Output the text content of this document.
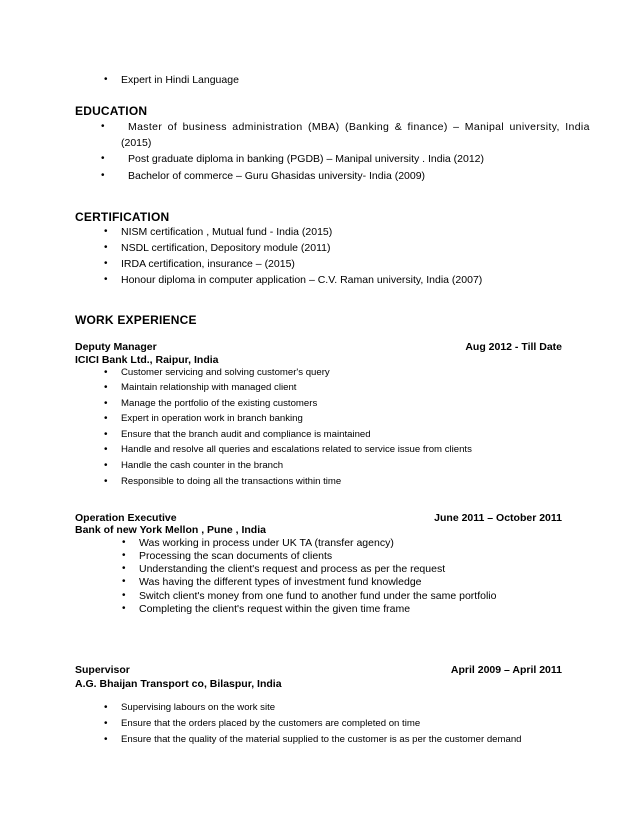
• Expert in Hindi Language
EDUCATION
• Master of business administration (MBA) (Banking & finance) – Manipal university, India
(2015)
• Post graduate diploma in banking (PGDB) – Manipal university . India (2012)
• Bachelor of commerce – Guru Ghasidas university- India (2009)
CERTIFICATION
• NISM certification , Mutual fund - India (2015)
• NSDL certification, Depository module (2011)
• IRDA certification, insurance – (2015)
• Honour diploma in computer application – C.V. Raman university, India (2007)
WORK EXPERIENCE
Deputy Manager	Aug 2012 - Till Date
ICICI Bank Ltd., Raipur, India
• Customer servicing and solving customer's query
• Maintain relationship with managed client
• Manage the portfolio of the existing customers
• Expert in operation work in branch banking
• Ensure that the branch audit and compliance is maintained
• Handle and resolve all queries and escalations related to service issue from clients
• Handle the cash counter in the branch
• Responsible to doing all the transactions within time
Operation Executive	June 2011 – October 2011
Bank of new York Mellon , Pune , India
• Was working in process under UK TA (transfer agency)
• Processing the scan documents of clients
• Understanding the client's request and process as per the request
• Was having the different types of investment fund knowledge
• Switch client's money from one fund to another fund under the same portfolio
• Completing the client's request within the given time frame
Supervisor	April 2009 – April 2011
A.G. Bhaijan Transport co, Bilaspur, India
• Supervising labours on the work site
• Ensure that the orders placed by the customers are completed on time
• Ensure that the quality of the material supplied to the customer is as per the customer demand
